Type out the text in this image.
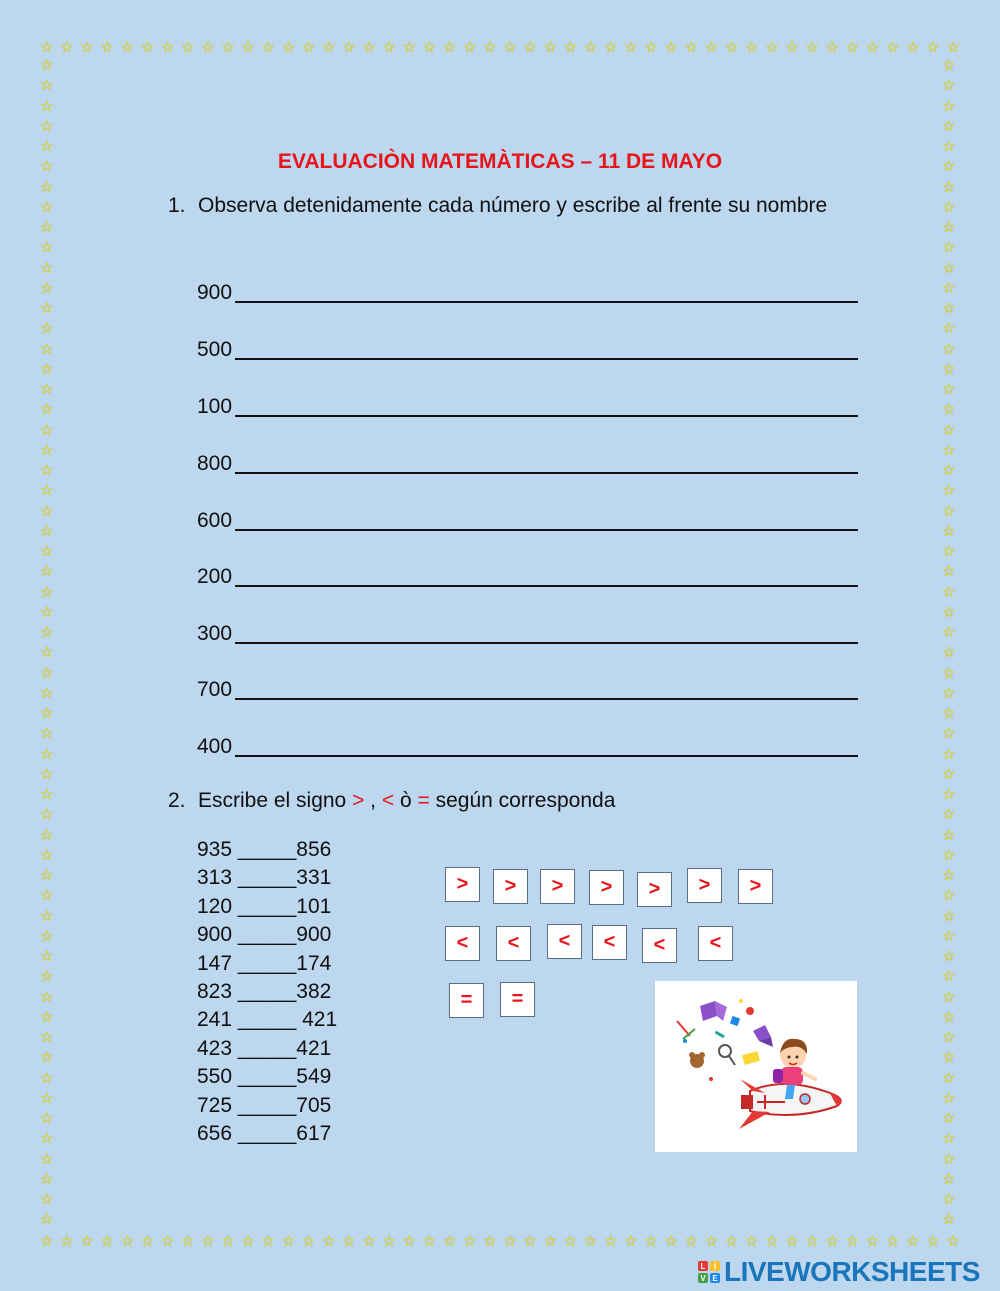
☆ ☆ ☆ ☆ ☆ ☆ ☆ ☆ ☆ ☆ ☆ ☆ ☆ ☆ ☆ ☆ ☆ ☆ ☆ ☆ ☆ ☆ ☆ ☆ ☆ ☆ ☆ ☆ ☆ ☆ ☆ ☆ ☆ ☆ ☆ ☆ ☆ ☆ ☆ ☆ ☆ ☆ ☆ ☆ ☆ ☆
☆ ☆ ☆ ☆ ☆ ☆ ☆ ☆ ☆ ☆ ☆ ☆ ☆ ☆ ☆ ☆ ☆ ☆ ☆ ☆ ☆ ☆ ☆ ☆ ☆ ☆ ☆ ☆ ☆ ☆ ☆ ☆ ☆ ☆ ☆ ☆ ☆ ☆ ☆ ☆ ☆ ☆ ☆ ☆ ☆ ☆
☆
☆
☆
☆
☆
☆
☆
☆
☆
☆
☆
☆
☆
☆
☆
☆
☆
☆
☆
☆
☆
☆
☆
☆
☆
☆
☆
☆
☆
☆
☆
☆
☆
☆
☆
☆
☆
☆
☆
☆
☆
☆
☆
☆
☆
☆
☆
☆
☆
☆
☆
☆
☆
☆
☆
☆
☆
☆
☆
☆
☆
☆
☆
☆
☆
☆
☆
☆
☆
☆
☆
☆
☆
☆
☆
☆
☆
☆
☆
☆
☆
☆
☆
☆
☆
☆
☆
☆
☆
☆
☆
☆
☆
☆
☆
☆
☆
☆
☆
☆
☆
☆
☆
☆
☆
☆
☆
☆
☆
☆
☆
☆
☆
☆
☆
☆
EVALUACIÒN MATEMÀTICAS – 11 DE MAYO
1. Observa detenidamente cada número y escribe al frente su nombre
900
500
100
800
600
200
300
700
400
2. Escribe el signo > , < ò = según corresponda
935 _____856
313 _____331
120 _____101
900 _____900
147 _____174
823 _____382
241 _____ 421
423 _____421
550 _____549
725 _____705
656 _____617
>	>	>	>	>	>	>
<	<	<	<	<	<
=	=
L	I
V E LIVEWORKSHEETS
